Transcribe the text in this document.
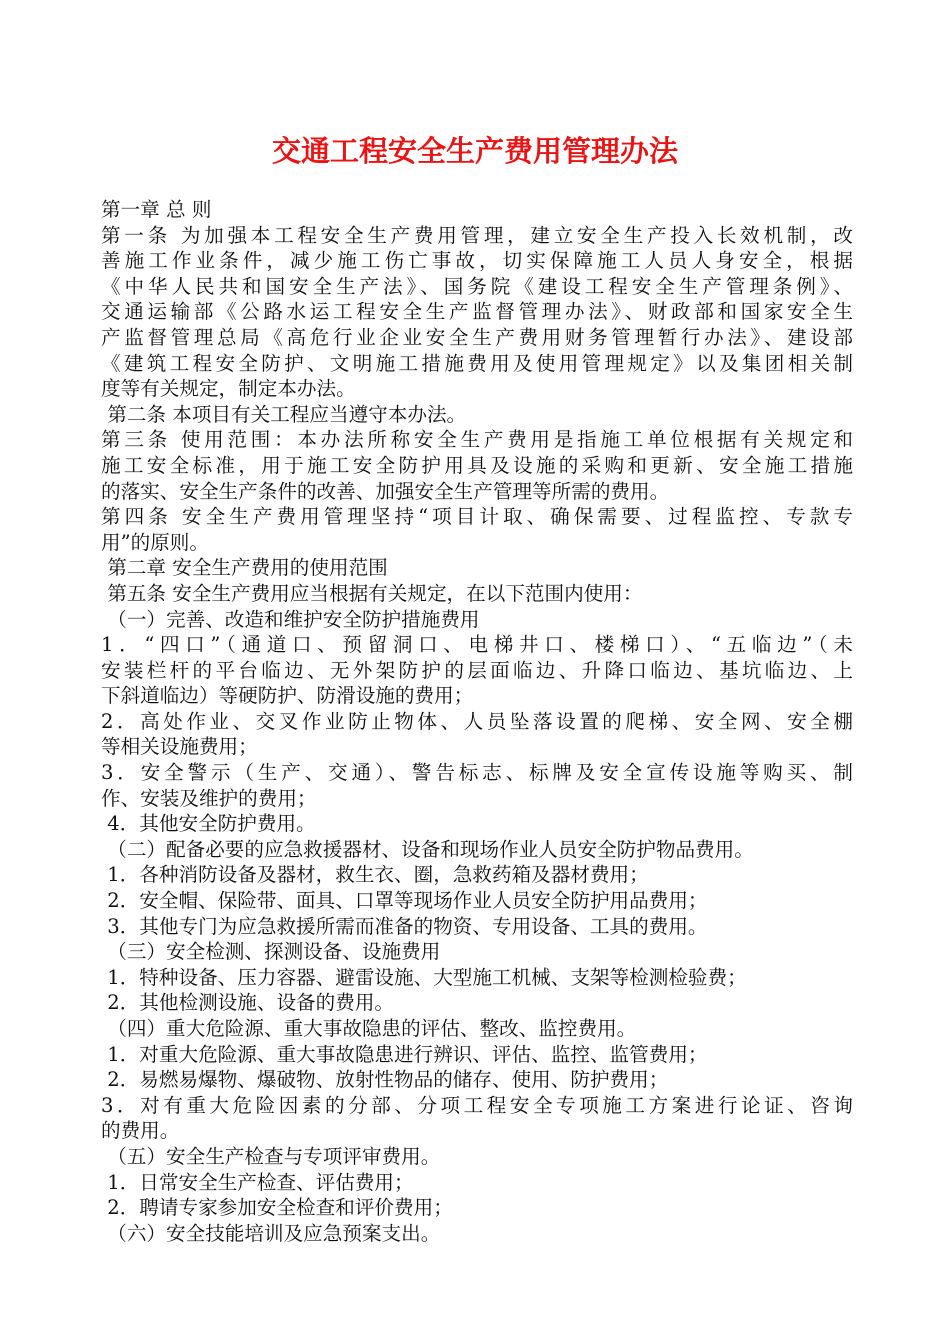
交通工程安全生产费用管理办法
第一章 总 则
第一条 为加强本工程安全生产费用管理，建立安全生产投入长效机制，改
善施工作业条件，减少施工伤亡事故，切实保障施工人员人身安全，根据
《中华人民共和国安全生产法》、国务院《建设工程安全生产管理条例》、
交通运输部《公路水运工程安全生产监督管理办法》、财政部和国家安全生
产监督管理总局《高危行业企业安全生产费用财务管理暂行办法》、建设部
《建筑工程安全防护、文明施工措施费用及使用管理规定》以及集团相关制
度等有关规定，制定本办法。
第二条 本项目有关工程应当遵守本办法。
第三条 使用范围：本办法所称安全生产费用是指施工单位根据有关规定和
施工安全标准，用于施工安全防护用具及设施的采购和更新、安全施工措施
的落实、安全生产条件的改善、加强安全生产管理等所需的费用。
第四条 安全生产费用管理坚持“项目计取、确保需要、过程监控、专款专
用”的原则。
第二章 安全生产费用的使用范围
第五条 安全生产费用应当根据有关规定，在以下范围内使用：
（一）完善、改造和维护安全防护措施费用
1．“四口”（通道口、预留洞口、电梯井口、楼梯口）、“五临边”（未
安装栏杆的平台临边、无外架防护的层面临边、升降口临边、基坑临边、上
下斜道临边）等硬防护、防滑设施的费用；
2．高处作业、交叉作业防止物体、人员坠落设置的爬梯、安全网、安全棚
等相关设施费用；
3．安全警示（生产、交通）、警告标志、标牌及安全宣传设施等购买、制
作、安装及维护的费用；
4．其他安全防护费用。
（二）配备必要的应急救援器材、设备和现场作业人员安全防护物品费用。
1．各种消防设备及器材，救生衣、圈，急救药箱及器材费用；
2．安全帽、保险带、面具、口罩等现场作业人员安全防护用品费用；
3．其他专门为应急救援所需而准备的物资、专用设备、工具的费用。
（三）安全检测、探测设备、设施费用
1．特种设备、压力容器、避雷设施、大型施工机械、支架等检测检验费；
2．其他检测设施、设备的费用。
（四）重大危险源、重大事故隐患的评估、整改、监控费用。
1．对重大危险源、重大事故隐患进行辨识、评估、监控、监管费用；
2．易燃易爆物、爆破物、放射性物品的储存、使用、防护费用；
3．对有重大危险因素的分部、分项工程安全专项施工方案进行论证、咨询
的费用。
（五）安全生产检查与专项评审费用。
1．日常安全生产检查、评估费用；
2．聘请专家参加安全检查和评价费用；
（六）安全技能培训及应急预案支出。
